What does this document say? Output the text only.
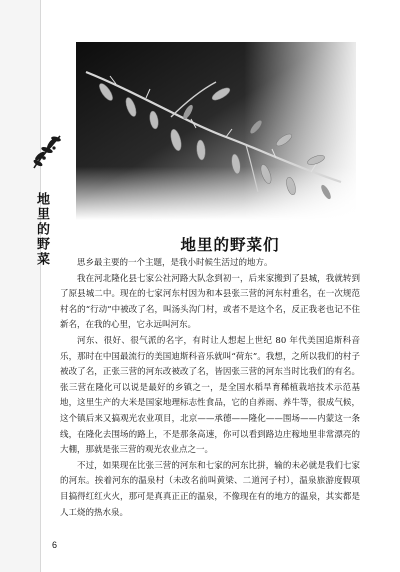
地里的野菜	地里的野菜们

思乡最主要的一个主题，是我小时候生活过的地方。

我在河北隆化县七家公社河路大队念到初一，后来家搬到了县城，我就转到了原县城二中。现在的七家河东村因为和本县张三营的河东村重名，在一次规范村名的“行动”中被改了名，叫汤头沟门村，或者不是这个名，反正我老也记不住新名，在我的心里，它永远叫河东。

河东、很好、很气派的名字，有时让人想起上世纪 80 年代美国追斯科音乐，那时在中国最流行的美国迪斯科音乐就叫“荷东”。我想，之所以我们的村子被改了名，正张三营的河东改被改了名，皆因张三营的河东当时比我们的有名。张三营在隆化可以说是最好的乡镇之一，是全国水稻旱育稀植栽培技术示范基地，这里生产的大米是国家地理标志性食品，它的自养雨、养牛等，很成气候，这个镇后来又搞观光农业项目，北京——承德——隆化——围场——内蒙这一条线，在隆化去围场的路上，不是那条高速，你可以看到路边庄稼地里非常漂亮的大棚，那就是张三营的观光农业点之一。

不过，如果现在比张三营的河东和七家的河东比拼，输的未必就是我们七家的河东。挨着河东的温泉村（未改名前叫黄梁、二道河子村），温泉旅游度假项目搞得红红火火，那可是真真正正的温泉，不像现在有的地方的温泉，其实都是人工烧的热水泉。

6
